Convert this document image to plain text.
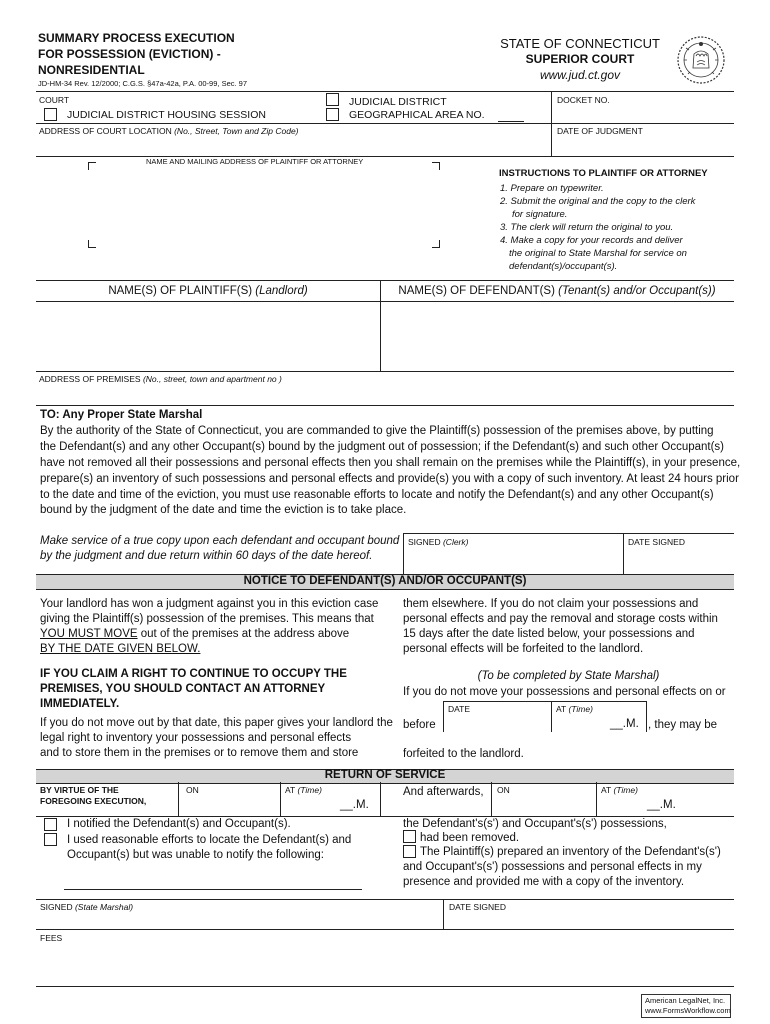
SUMMARY PROCESS EXECUTION
FOR POSSESSION (EVICTION) -
NONRESIDENTIAL
JD-HM-34 Rev. 12/2000; C.G.S. §47a-42a, P.A. 00-99, Sec. 97
STATE OF CONNECTICUT
SUPERIOR COURT
www.jud.ct.gov
COURT
JUDICIAL DISTRICT HOUSING SESSION
JUDICIAL DISTRICT
GEOGRAPHICAL AREA NO.
DOCKET NO.
ADDRESS OF COURT LOCATION (No., Street, Town and Zip Code)	DATE OF JUDGMENT
NAME AND MAILING ADDRESS OF PLAINTIFF OR ATTORNEY
INSTRUCTIONS TO PLAINTIFF OR ATTORNEY
1. Prepare on typewriter.
2. Submit the original and the copy to the clerk
for signature.
3. The clerk will return the original to you.
4. Make a copy for your records and deliver
the original to State Marshal for service on
defendant(s)/occupant(s).
NAME(S) OF PLAINTIFF(S) (Landlord)	NAME(S) OF DEFENDANT(S) (Tenant(s) and/or Occupant(s))
ADDRESS OF PREMISES (No., street, town and apartment no )
TO: Any Proper State Marshal
By the authority of the State of Connecticut, you are commanded to give the Plaintiff(s) possession of the premises above, by putting
the Defendant(s) and any other Occupant(s) bound by the judgment out of possession; if the Defendant(s) and such other Occupant(s)
have not removed all their possessions and personal effects then you shall remain on the premises while the Plaintiff(s), in your presence,
prepare(s) an inventory of such possessions and personal effects and provide(s) you with a copy of such inventory. At least 24 hours prior
to the date and time of the eviction, you must use reasonable efforts to locate and notify the Defendant(s) and any other Occupant(s)
bound by the judgment of the date and time the eviction is to take place.
Make service of a true copy upon each defendant and occupant bound
by the judgment and due return within 60 days of the date hereof.
SIGNED (Clerk)	DATE SIGNED
NOTICE TO DEFENDANT(S) AND/OR OCCUPANT(S)
Your landlord has won a judgment against you in this eviction case
giving the Plaintiff(s) possession of the premises. This means that
YOU MUST MOVE out of the premises at the address above
BY THE DATE GIVEN BELOW.
IF YOU CLAIM A RIGHT TO CONTINUE TO OCCUPY THE
PREMISES, YOU SHOULD CONTACT AN ATTORNEY
IMMEDIATELY.
If you do not move out by that date, this paper gives your landlord the
legal right to inventory your possessions and personal effects
and to store them in the premises or to remove them and store
them elsewhere. If you do not claim your possessions and
personal effects and pay the removal and storage costs within
15 days after the date listed below, your possessions and
personal effects will be forfeited to the landlord.
(To be completed by State Marshal)
If you do not move your possessions and personal effects on or
DATE	AT (Time)
before	__.M. , they may be
forfeited to the landlord.
RETURN OF SERVICE
BY VIRTUE OF THE
FOREGOING EXECUTION,
ON	AT (Time)
__.M.
And afterwards, ON	AT (Time)
__.M.
I notified the Defendant(s) and Occupant(s).
I used reasonable efforts to locate the Defendant(s) and
Occupant(s) but was unable to notify the following:
the Defendant's(s') and Occupant's(s') possessions,
had been removed.
The Plaintiff(s) prepared an inventory of the Defendant's(s')
and Occupant's(s') possessions and personal effects in my
presence and provided me with a copy of the inventory.
SIGNED (State Marshal)	DATE SIGNED
FEES
American LegalNet, Inc.
www.FormsWorkflow.com
